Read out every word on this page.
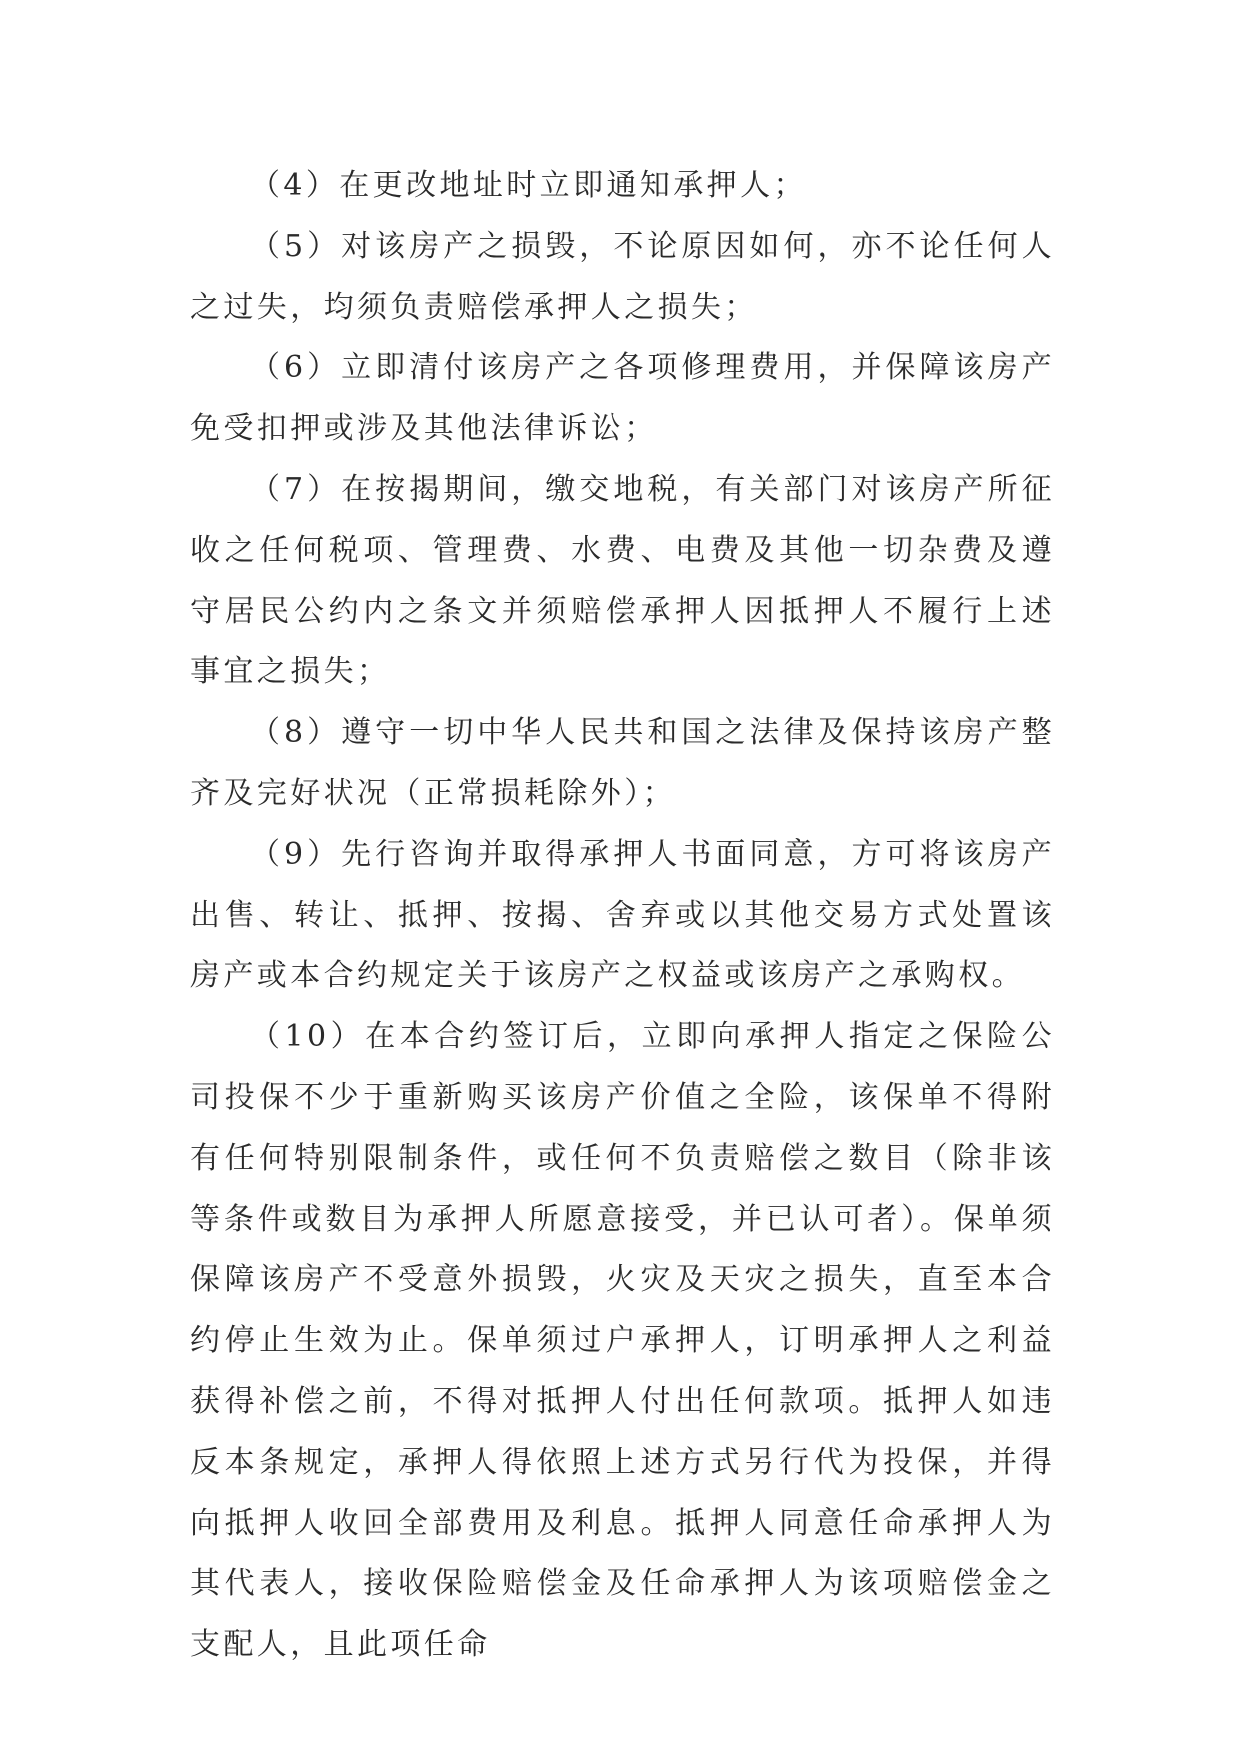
（4）在更改地址时立即通知承押人；

（5）对该房产之损毁，不论原因如何，亦不论任何人之过失，均须负责赔偿承押人之损失；

（6）立即清付该房产之各项修理费用，并保障该房产免受扣押或涉及其他法律诉讼；

（7）在按揭期间，缴交地税，有关部门对该房产所征收之任何税项、管理费、水费、电费及其他一切杂费及遵守居民公约内之条文并须赔偿承押人因抵押人不履行上述事宜之损失；

（8）遵守一切中华人民共和国之法律及保持该房产整齐及完好状况（正常损耗除外）；

（9）先行咨询并取得承押人书面同意，方可将该房产出售、转让、抵押、按揭、舍弃或以其他交易方式处置该房产或本合约规定关于该房产之权益或该房产之承购权。

（10）在本合约签订后，立即向承押人指定之保险公司投保不少于重新购买该房产价值之全险，该保单不得附有任何特别限制条件，或任何不负责赔偿之数目（除非该等条件或数目为承押人所愿意接受，并已认可者）。保单须保障该房产不受意外损毁，火灾及天灾之损失，直至本合约停止生效为止。保单须过户承押人，订明承押人之利益获得补偿之前，不得对抵押人付出任何款项。抵押人如违反本条规定，承押人得依照上述方式另行代为投保，并得向抵押人收回全部费用及利息。抵押人同意任命承押人为其代表人，接收保险赔偿金及任命承押人为该项赔偿金之支配人，且此项任命
